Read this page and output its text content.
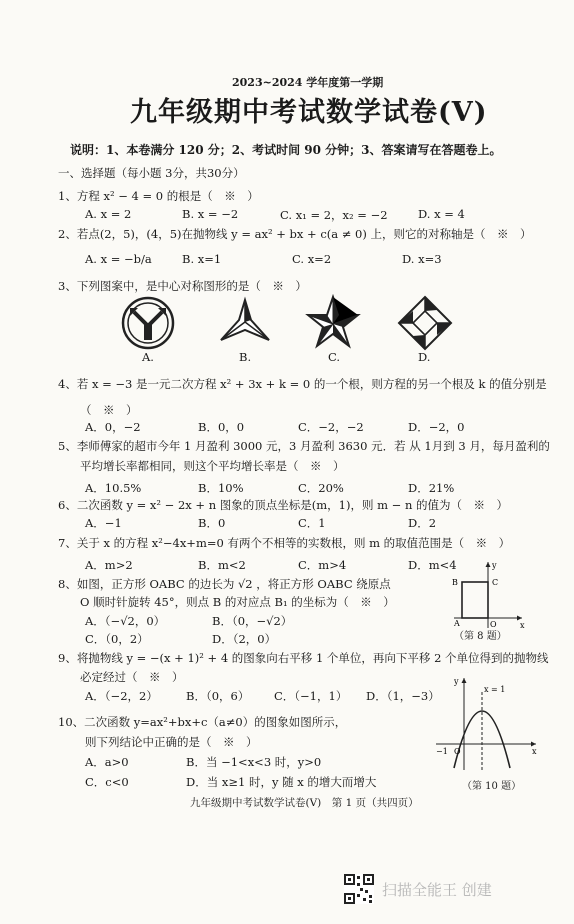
2023~2024 学年度第一学期
九年级期中考试数学试卷(V)
说明：1、本卷满分 120 分；2、考试时间 90 分钟；3、答案请写在答题卷上。
一、选择题（每小题 3分，共30分）
1、方程 x² − 4 = 0 的根是（　※　）
A. x = 2	B. x = −2	C. x₁ = 2，x₂ = −2	D. x = 4
2、若点(2，5)，(4，5)在抛物线 y = ax² + bx + c(a ≠ 0) 上，则它的对称轴是（　※　）
A. x = −b/a	B. x=1	C. x=2	D. x=3
3、下列图案中，是中心对称图形的是（　※　）
A.	B.	C.	D.
4、若 x = −3 是一元二次方程 x² + 3x + k = 0 的一个根，则方程的另一个根及 k 的值分别是
（　※　）
A．0，−2	B．0，0	C．−2，−2	D．−2，0
5、李师傅家的超市今年 1 月盈利 3000 元，3 月盈利 3630 元．若 从 1月到 3 月，每月盈利的
平均增长率都相同，则这个平均增长率是（　※　）
A．10.5%	B．10%	C．20%	D．21%
6、二次函数 y = x² − 2x + n 图象的顶点坐标是(m，1)，则 m − n 的值为（　※　）
A．−1	B．0	C．1	D．2
7、关于 x 的方程 x²−4x+m=0 有两个不相等的实数根，则 m 的取值范围是（　※　）
A．m>2	B．m<2	C．m>4	D．m<4
8、如图，正方形 OABC 的边长为 √2 ，将正方形 OABC 绕原点
O 顺时针旋转 45°，则点 B 的对应点 B₁ 的坐标为（　※　）
A．（−√2，0）	B．（0，−√2）
C．（0，2）	D．（2，0）
B	C
A	O	x
y
（第 8 题）
9、将抛物线 y = −(x + 1)² + 4 的图象向右平移 1 个单位，再向下平移 2 个单位得到的抛物线
必定经过（　※　）
A．（−2，2） B．（0，6） C．（−1，1） D．（1，−3）
10、二次函数 y=ax²+bx+c（a≠0）的图象如图所示，
则下列结论中正确的是（　※　）
A．a>0	B．当 −1<x<3 时，y>0
C．c<0	D．当 x≥1 时，y 随 x 的增大而增大
x = 1
−1 O	x
y
（第 10 题）
九年级期中考试数学试卷(V)　第 1 页（共四页）
扫描全能王 创建
